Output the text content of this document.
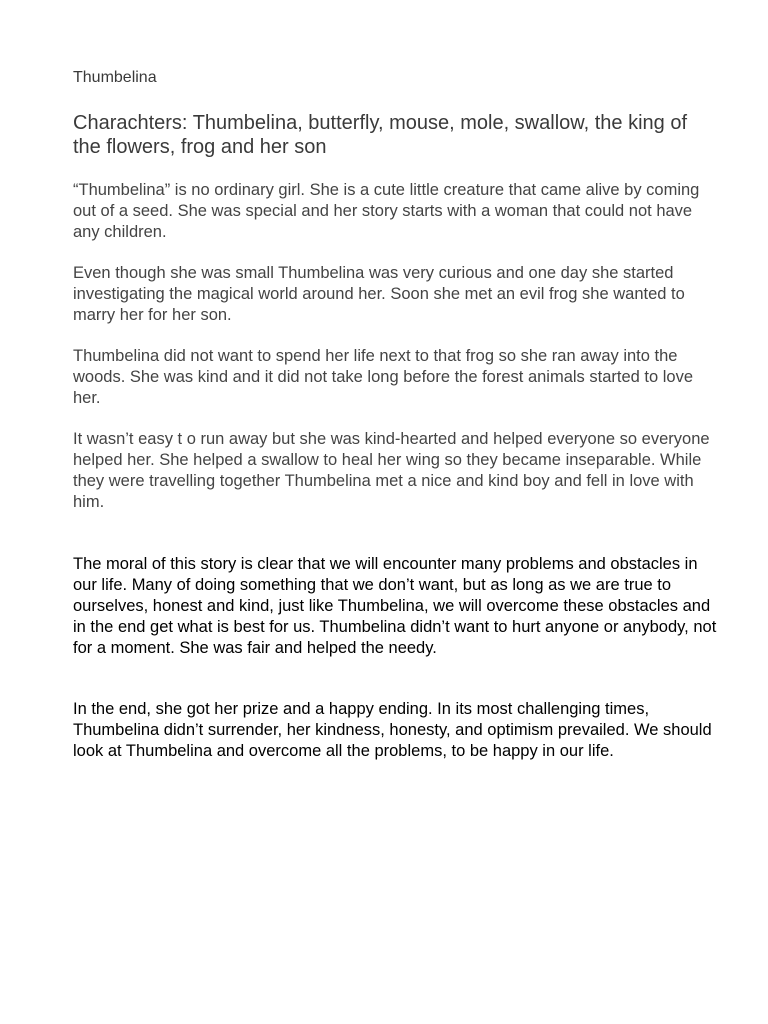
Thumbelina
Charachters: Thumbelina, butterfly, mouse, mole, swallow, the king of the flowers, frog and her son

“Thumbelina” is no ordinary girl. She is a cute little creature that came alive by coming out of a seed. She was special and her story starts with a woman that could not have any children.

Even though she was small Thumbelina was very curious and one day she started investigating the magical world around her. Soon she met an evil frog she wanted to marry her for her son.

Thumbelina did not want to spend her life next to that frog so she ran away into the woods. She was kind and it did not take long before the forest animals started to love her.

It wasn’t easy t o run away but she was kind-hearted and helped everyone so everyone helped her. She helped a swallow to heal her wing so they became inseparable. While they were travelling together Thumbelina met a nice and kind boy and fell in love with him.

The moral of this story is clear that we will encounter many problems and obstacles in our life. Many of doing something that we don’t want, but as long as we are true to ourselves, honest and kind, just like Thumbelina, we will overcome these obstacles and in the end get what is best for us. Thumbelina didn’t want to hurt anyone or anybody, not for a moment. She was fair and helped the needy.

In the end, she got her prize and a happy ending. In its most challenging times, Thumbelina didn’t surrender, her kindness, honesty, and optimism prevailed. We should look at Thumbelina and overcome all the problems, to be happy in our life.
